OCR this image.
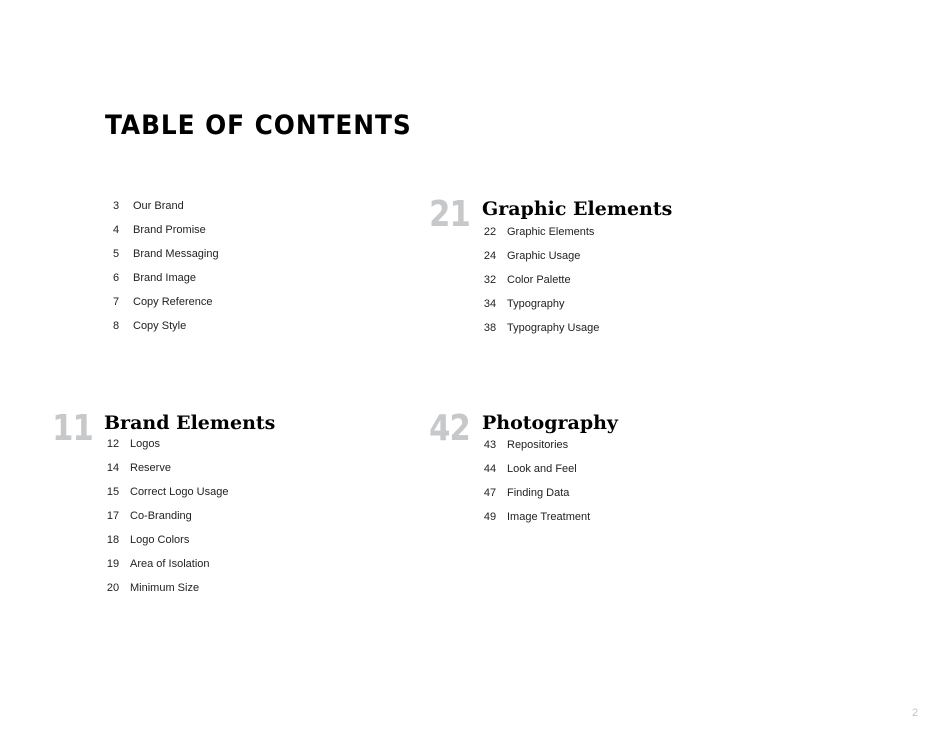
TABLE OF CONTENTS
3	Our Brand
4	Brand Promise
5	Brand Messaging
6	Brand Image
7	Copy Reference
8	Copy Style
21 Graphic Elements
22 Graphic Elements
24 Graphic Usage
32 Color Palette
34 Typography
38 Typography Usage
11 Brand Elements
12 Logos
14 Reserve
15 Correct Logo Usage
17 Co-Branding
18 Logo Colors
19 Area of Isolation
20 Minimum Size
42 Photography
43 Repositories
44 Look and Feel
47 Finding Data
49 Image Treatment
2
